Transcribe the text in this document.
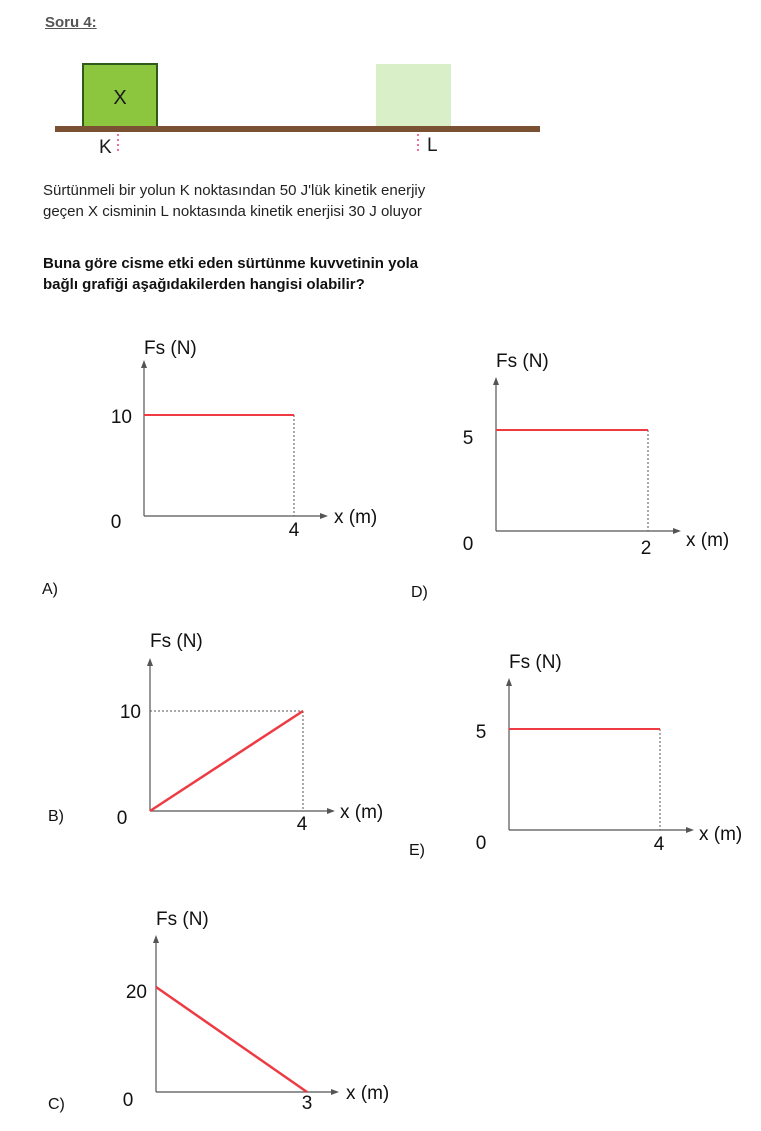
Soru 4:
X
K	L
Sürtünmeli bir yolun K noktasından 50 J'lük kinetik enerjiy
geçen X cisminin L noktasında kinetik enerjisi 30 J oluyor
Buna göre cisme etki eden sürtünme kuvvetinin yola
bağlı grafiği aşağıdakilerden hangisi olabilir?
Fs (N)
10
0	4
x (m)
A)
Fs (N)
5
0	2 x (m)
D)
Fs (N)
10
0	4
x (m)
B)
Fs (N)
5
0	4 x (m)
E)
Fs (N)
20
0	3 x (m)
C)
